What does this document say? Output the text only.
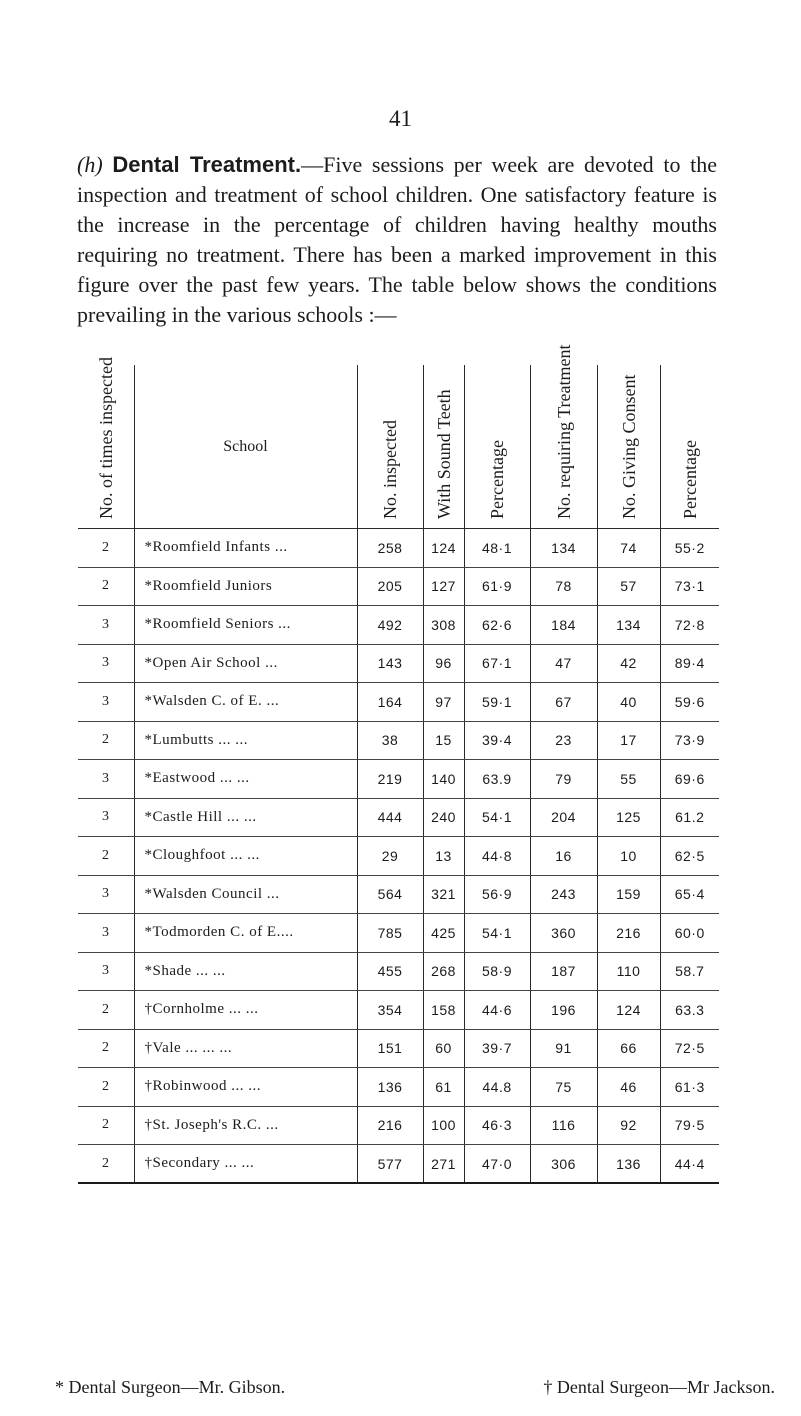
41

(h) Dental Treatment.—Five sessions per week are devoted to the inspection and treatment of school children. One satisfactory feature is the increase in the percentage of children having healthy mouths requiring no treatment. There has been a marked improvement in this figure over the past few years. The table below shows the conditions prevailing in the various schools :—

No. of times inspected	School	No. inspected	With Sound Teeth	Percentage	No. requiring Treatment	No. Giving Consent	Percentage
2	*Roomfield Infants ...	258	124	48·1	134	74	55·2
2	*Roomfield Juniors	205	127	61·9	78	57	73·1
3	*Roomfield Seniors ...	492	308	62·6	184	134	72·8
3	*Open Air School ...	143	96	67·1	47	42	89·4
3	*Walsden C. of E. ...	164	97	59·1	67	40	59·6
2	*Lumbutts ... ...	38	15	39·4	23	17	73·9
3	*Eastwood ... ...	219	140	63.9	79	55	69·6
3	*Castle Hill ... ...	444	240	54·1	204	125	61.2
2	*Cloughfoot ... ...	29	13	44·8	16	10	62·5
3	*Walsden Council ...	564	321	56·9	243	159	65·4
3	*Todmorden C. of E....	785	425	54·1	360	216	60·0
3	*Shade ... ...	455	268	58·9	187	110	58.7
2	†Cornholme ... ...	354	158	44·6	196	124	63.3
2	†Vale ... ... ...	151	60	39·7	91	66	72·5
2	†Robinwood ... ...	136	61	44.8	75	46	61·3
2	†St. Joseph's R.C. ...	216	100	46·3	116	92	79·5
2	†Secondary ... ...	577	271	47·0	306	136	44·4
* Dental Surgeon—Mr. Gibson.	† Dental Surgeon—Mr Jackson.
